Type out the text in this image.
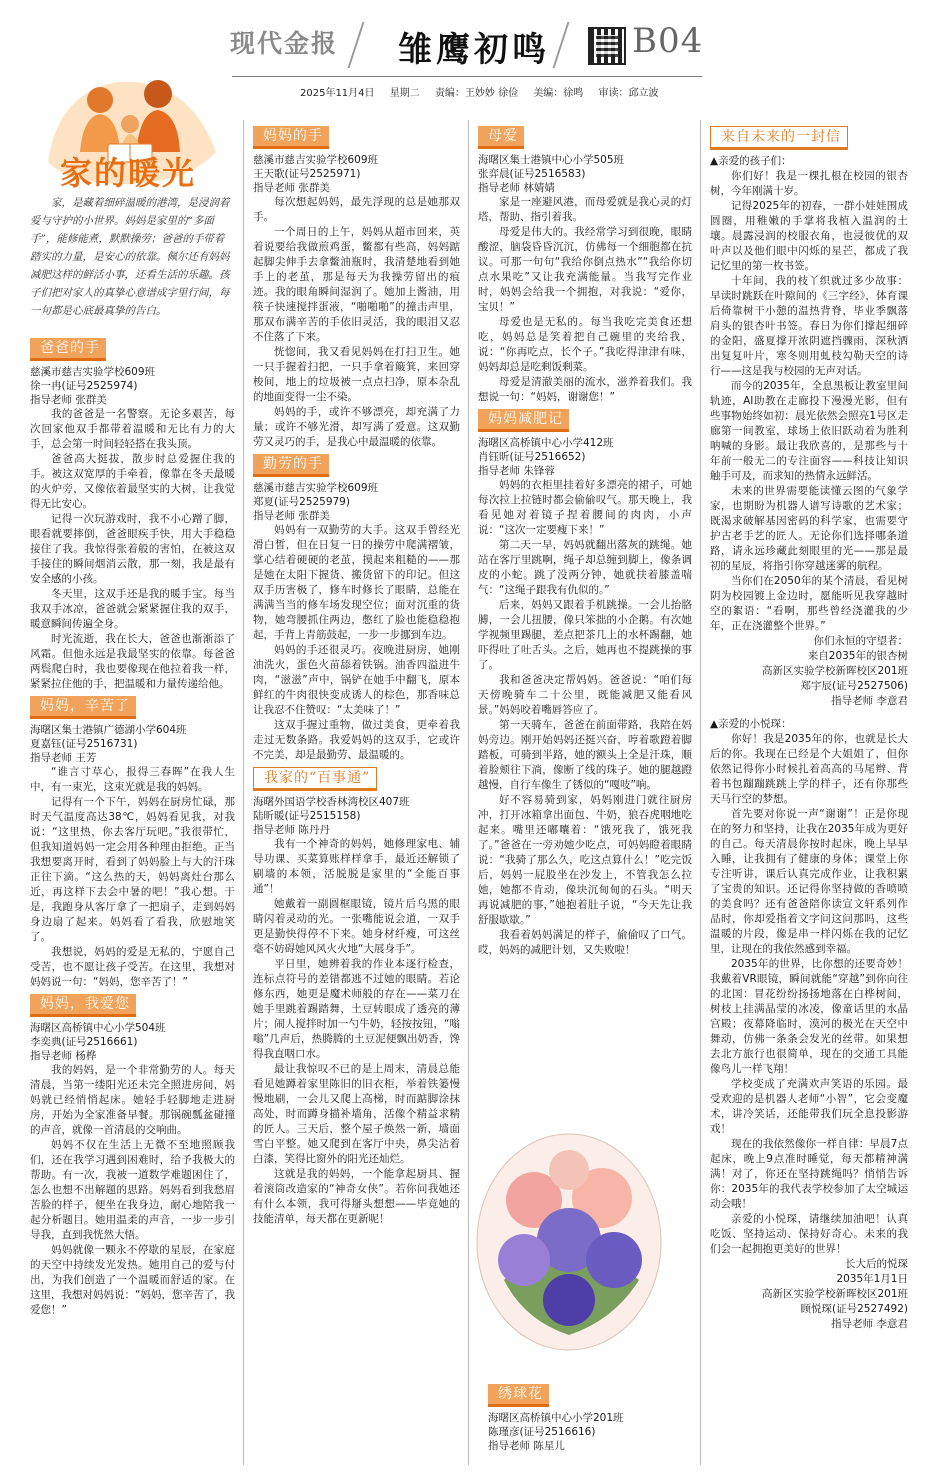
现代金报 雏鹰初鸣 B04
2025年11月4日 星期二 责编：王妙妙 徐俭 美编：徐鸣 审读：邱立波
家的暖光
家，是藏着细碎温暖的港湾，是浸润着爱与守护的小世界。妈妈是家里的“多面手”，能修能煮，默默操劳；爸爸的手带着踏实的力量，是安心的依靠。佩尔还有妈妈减肥这样的鲜活小事，还看生活的乐趣。孩子们把对家人的真挚心意谱成字里行间，每一句都是心底最真挚的告白。
爸爸的手

慈溪市慈吉实验学校609班

徐一冉(证号2525974)

指导老师 张群美

我的爸爸是一名警察。无论多艰苦，每次回家他双手都带着温暖和无比有力的大手，总会第一时间轻轻搭在我头顶。

爸爸高大挺拔，散步时总爱握住我的手。被这双宽厚的手牵着，像靠在冬天最暖的火炉旁，又像依着最坚实的大树，让我觉得无比安心。

记得一次玩游戏时，我不小心蹭了脚，眼看就要摔倒，爸爸眼疾手快，用大手稳稳接住了我。我惊得张着般的害怕，在被这双手接住的瞬间烟消云散，那一刻，我是最有安全感的小孩。

冬天里，这双手还是我的暖手宝。每当我双手冰凉，爸爸就会紧紧握住我的双手，暖意瞬间传遍全身。

时光流逝，我在长大，爸爸也渐渐添了风霜。但他永远是我最坚实的依靠。每爸爸两鬓爬白时，我也要像现在他拉着我一样，紧紧拉住他的手，把温暖和力量传递给他。

妈妈，辛苦了

海曙区集士港镇广德湖小学604班

夏嘉钰(证号2516731)

指导老师 王芳

“谁言寸草心，报得三春晖”在我人生中，有一束光，这束光就是我的妈妈。

记得有一个下午，妈妈在厨房忙碌，那时天气温度高达38℃，妈妈看见我，对我说：“这里热，你去客厅玩吧。”我很带忙，但我知道妈妈一定会用各种理由拒绝。正当我想要离开时，看到了妈妈脸上与大的汗珠正往下滴。“这么热的天，妈妈离灶台那么近，再这样下去会中暑的吧！”我心想。于是，我跑身从客厅拿了一把扇子，走到妈妈身边扇了起来。妈妈看了看我，欣慰地笑了。

我想说，妈妈的爱是无私的，宁愿自己受苦，也不愿让孩子受苦。在这里，我想对妈妈说一句：“妈妈，您辛苦了！”

妈妈，我爱您

海曙区高桥镇中心小学504班

李奕典(证号2516661)

指导老师 杨桦

我的妈妈，是一个非常勤劳的人。每天清晨，当第一缕阳光还未完全照进房间，妈妈就已经悄悄起床。她轻手轻脚地走进厨房，开始为全家准备早餐。那锅碗瓢盆碰撞的声音，就像一首清晨的交响曲。

妈妈不仅在生活上无微不至地照顾我们，还在我学习遇到困难时，给予我极大的帮助。有一次，我被一道数学难题困住了，怎么也想不出解题的思路。妈妈看到我愁眉苦脸的样子，便坐在我身边，耐心地陪我一起分析题目。她用温柔的声音，一步一步引导我，直到我恍然大悟。

妈妈就像一颗永不停歇的星辰，在家庭的天空中持续发光发热。她用自己的爱与付出，为我们创造了一个温暖而舒适的家。在这里，我想对妈妈说：“妈妈，您辛苦了，我爱您！”

妈妈的手

慈溪市慈吉实验学校609班

王天歌(证号2525971)

指导老师 张群美

每次想起妈妈，最先浮现的总是她那双手。

一个周日的上午，妈妈从超市回来，英着说要给我做煎鸡蛋，鳖都有些高，妈妈踮起脚尖伸手去拿鳖油瓶时，我清楚地看到她手上的老茧，那是每天为我操劳留出的痕迹。我的眼角瞬间湿润了。她加上酱油，用筷子快速搅拌蛋液，“啪啪啪”的撞击声里，那双布满辛苦的手依旧灵活，我的眼泪又忍不住落了下来。

恍惚间，我又看见妈妈在打扫卫生。她一只手握着扫把，一只手拿着簸箕，来回穿梭间，地上的垃圾被一点点扫净，原本杂乱的地面变得一尘不染。

妈妈的手，或许不够漂亮，却充满了力量；或许不够光滑，却写满了爱意。这双勤劳又灵巧的手，是我心中最温暖的依靠。

勤劳的手

慈溪市慈吉实验学校609班

郑夏(证号2525979)

指导老师 张群美

妈妈有一双勤劳的大手。这双手曾经光滑白皙，但在日复一日的操劳中爬满褶皱，掌心结着硬硬的老茧，摸起来粗糙的——那是她在太阳下握货、搬货留下的印记。但这双手历害极了，修车时修长了眼睛，总能在满满当当的修车场发现空位；面对沉重的货物，她弯腰抓住两边，憋红了脸也能稳稳抱起，手背上青筋鼓起，一步一步挪到车边。

妈妈的手还很灵巧。夜晚进厨房，她刚油洗火，蛋色火苗舔着铁锅。油香四溢进牛肉，“滋滋”声中，锅铲在她手中翻飞，原本鲜红的牛肉很快变成诱人的棕色，那香味总让我忍不住赞叹：“太美味了！”

这双手握过重物，做过美食，更牵着我走过无数条路。我爱妈妈的这双手，它或许不完美，却是最勤劳、最温暖的。

我家的“百事通”

海曙外国语学校香林湾校区407班

陆昕暖(证号2515158)

指导老师 陈丹丹

我有一个神奇的妈妈，她修理家电、辅导功课、买菜算账样样拿手，最近还解锁了刷墙的本领，活脱脱是家里的“全能百事通”！

她戴着一副圆框眼镜，镜片后乌黑的眼睛闪着灵动的光。一张嘴能说会道，一双手更是勤快得停不下来。她身材纤瘦，可这丝毫不妨碍她风风火火地“大展身手”。

平日里，她辨着我的作业本逐行检查，连标点符号的差错都逃不过她的眼睛。若论修东西，她更是魔术师般的存在——菜刀在她手里跳着踢踏舞，土豆转眼成了透亮的薄片；闹人搅拌时加一勺牛奶，轻按按钮，“嗡嗡”几声后，热腾腾的土豆泥便飘出奶香，馋得我直咽口水。

最让我惊叹不已的是上周末，清晨总能看见她蹲着家里陈旧的旧衣柜，举着铁篓慢慢地刷，一会儿又爬上高梯，时而踮脚涂抹高处，时而蹲身描补墙角，活像个精益求精的匠人。三天后，整个屋子焕然一新，墙面雪白平整。她又爬到在客厅中央，鼻尖沾着白漆，笑得比窗外的阳光还灿烂。

这就是我的妈妈，一个能拿起厨具、握着滚筒改造家的“神奇女侠”。若你问我她还有什么本领，我可得掰头想想——毕竟她的技能清单，每天都在更新呢！

母爱

海曙区集士港镇中心小学505班

张弈晨(证号2516583)

指导老师 林婧婧

家是一座避风港，而母爱就是我心灵的灯塔，帮助、指引着我。

母爱是伟大的。我经常学习到很晚，眼睛酸涩，脑袋昏昏沉沉，仿佛每一个细胞都在抗议。可那一句句“我给你倒点热水”“我给你切点水果吃”又让我充满能量。当我写完作业时，妈妈会给我一个拥抱，对我说：“爱你，宝贝！”

母爱也是无私的。每当我吃完美食还想吃，妈妈总是笑着把自己碗里的夹给我，说：“你再吃点，长个子。”我吃得津津有味，妈妈却总是吃剩饭剩菜。

母爱是清澈美丽的流水，滋养着我们。我想说一句：“妈妈，谢谢您！”

妈妈减肥记

海曙区高桥镇中心小学412班

肖钰昕(证号2516652)

指导老师 朱锋蓉

妈妈的衣柜里挂着好多漂亮的裙子，可她每次拉上拉链时都会偷偷叹气。那天晚上，我看见她对着镜子捏着腰间的肉肉，小声说：“这次一定要瘦下来！”

第二天一早，妈妈就翻出落灰的跳绳。她站在客厅里跳啊，绳子却总缠到脚上，像条调皮的小蛇。跳了没两分钟，她就扶着膝盖喘气：“这绳子跟我有仇似的。”

后来，妈妈又跟着手机跳操。一会儿抬胳膊，一会儿扭腰，像只笨拙的小企鹅。有次她学视频里踢腿，差点把茶几上的水杯踢翻，她吓得吐了吐舌头。之后，她再也不提跳操的事了。

我和爸爸决定帮妈妈。爸爸说：“咱们每天傍晚骑车二十公里，既能减肥又能看风景。”妈妈咬着嘴唇答应了。

第一天骑车，爸爸在前面带路，我陪在妈妈旁边。刚开始妈妈还挺兴奋，哼着歌蹬着脚踏板，可骑到半路，她的额头上全是汗珠，顺着脸颊往下淌，像断了线的珠子。她的腿越蹬越慢，自行车像生了锈似的“嘎吱”响。

好不容易骑到家，妈妈刚进门就往厨房冲，打开冰箱拿出面包、牛奶，狼吞虎咽地吃起来。嘴里还嘟囔着：“饿死我了，饿死我了。”爸爸在一旁劝她少吃点，可妈妈瞪着眼睛说：“我骑了那么久，吃这点算什么！”吃完饭后，妈妈一屁股坐在沙发上，不管我怎么拉她，她都不肯动，像块沉甸甸的石头。“明天再说减肥的事，”她抱着肚子说，“今天先让我舒服歇歇。”

我看着妈妈满足的样子，偷偷叹了口气。哎，妈妈的减肥计划，又失败啦！

绣球花

海曙区高桥镇中心小学201班

陈瑾彦(证号2516616)

指导老师 陈星儿

来自未来的一封信

▲亲爱的孩子们：

你们好！我是一棵扎根在校园的银杏树，今年刚满十岁。

记得2025年的初春，一群小娃娃围成圆圈，用稚嫩的手掌将我植入温润的土壤。晨露浸润的校服衣角，也浸彼优的双叶声以及他们眼中闪烁的星芒，都成了我记忆里的第一枚书签。

十年间，我的枝丫织就过多少故事：早读时跳跃在叶隙间的《三字经》，体育课后倚靠树干小憩的温热背脊，毕业季飘落肩头的银杏叶书签。春日为你们撑起细碎的金阳，盛夏撑开浓阴遮挡骤雨，深秋洒出复复叶片，寒冬则用虬枝勾勒天空的诗行——这是我与校园的无声对话。

而今的2035年，全息黑板让教室里间轨迹，AI助教在走廊投下漫漫光影，但有些事物始终如初：晨光依然会照亮1号区走廊第一间教室，球场上依旧跃动着为胜利呐喊的身影。最让我欣喜的，是那些与十年前一般无二的专注面容——科技让知识触手可及，而求知的热情永远鲜活。

未来的世界需要能读懂云图的气象学家，也期盼为机器人谱写诗歌的艺术家；既渴求破解基因密码的科学家，也需要守护古老手艺的匠人。无论你们选择哪条道路，请永远珍藏此刻眼里的光——那是最初的星辰，将指引你穿越迷雾的航程。

当你们在2050年的某个清晨，看见树阴为校园镀上金边时，愿能听见我穿越时空的絮语：“看啊，那些曾经浇灌我的少年，正在浇灌整个世界。”

你们永恒的守望者：

来自2035年的银杏树

高新区实验学校新晖校区201班

郑宇辰(证号2527506)

指导老师 李意君

▲亲爱的小悦琛：

你好！我是2035年的你，也就是长大后的你。我现在已经是个大姐姐了，但你依然记得你小时候扎着高高的马尾辫、背着书包蹦蹦跳跳上学的样子，还有你那些天马行空的梦想。

首先要对你说一声“谢谢”！正是你现在的努力和坚持，让我在2035年成为更好的自己。每天清晨你按时起床，晚上早早入睡，让我拥有了健康的身体；课堂上你专注听讲，课后认真完成作业，让我积累了宝贵的知识。还记得你坚持做的香喷喷的美食吗？还有爸爸陪你读宣文轩系列作品时，你却爱指着文字问这问那吗，这些温暖的片段，像是串一样闪烁在我的记忆里，让现在的我依然感到幸福。

2035年的世界，比你想的还要奇妙！我戴着VR眼镜，瞬间就能“穿越”到你向往的北国：冒花纷纷扬扬地落在白桦树间，树枝上挂满晶莹的冰凌，像童话里的水晶宫殿；夜幕降临时，漠河的极光在天空中舞动，仿佛一条条会发光的丝带。如果想去北方旅行也很简单，现在的交通工具能像鸟儿一样飞翔！

学校变成了充满欢声笑语的乐园。最受欢迎的是机器人老师“小智”，它会变魔术，讲冷笑话，还能带我们玩全息投影游戏！

现在的我依然像你一样自律：早晨7点起床，晚上9点准时睡觉，每天都精神满满！对了，你还在坚持跳绳吗？悄悄告诉你：2035年的我代表学校参加了太空城运动会哦！

亲爱的小悦琛，请继续加油吧！认真吃饭、坚持运动、保持好奇心。未来的我们会一起拥抱更美好的世界！

长大后的悦琛

2035年1月1日

高新区实验学校新晖校区201班

顾悦琛(证号2527492)

指导老师 李意君
